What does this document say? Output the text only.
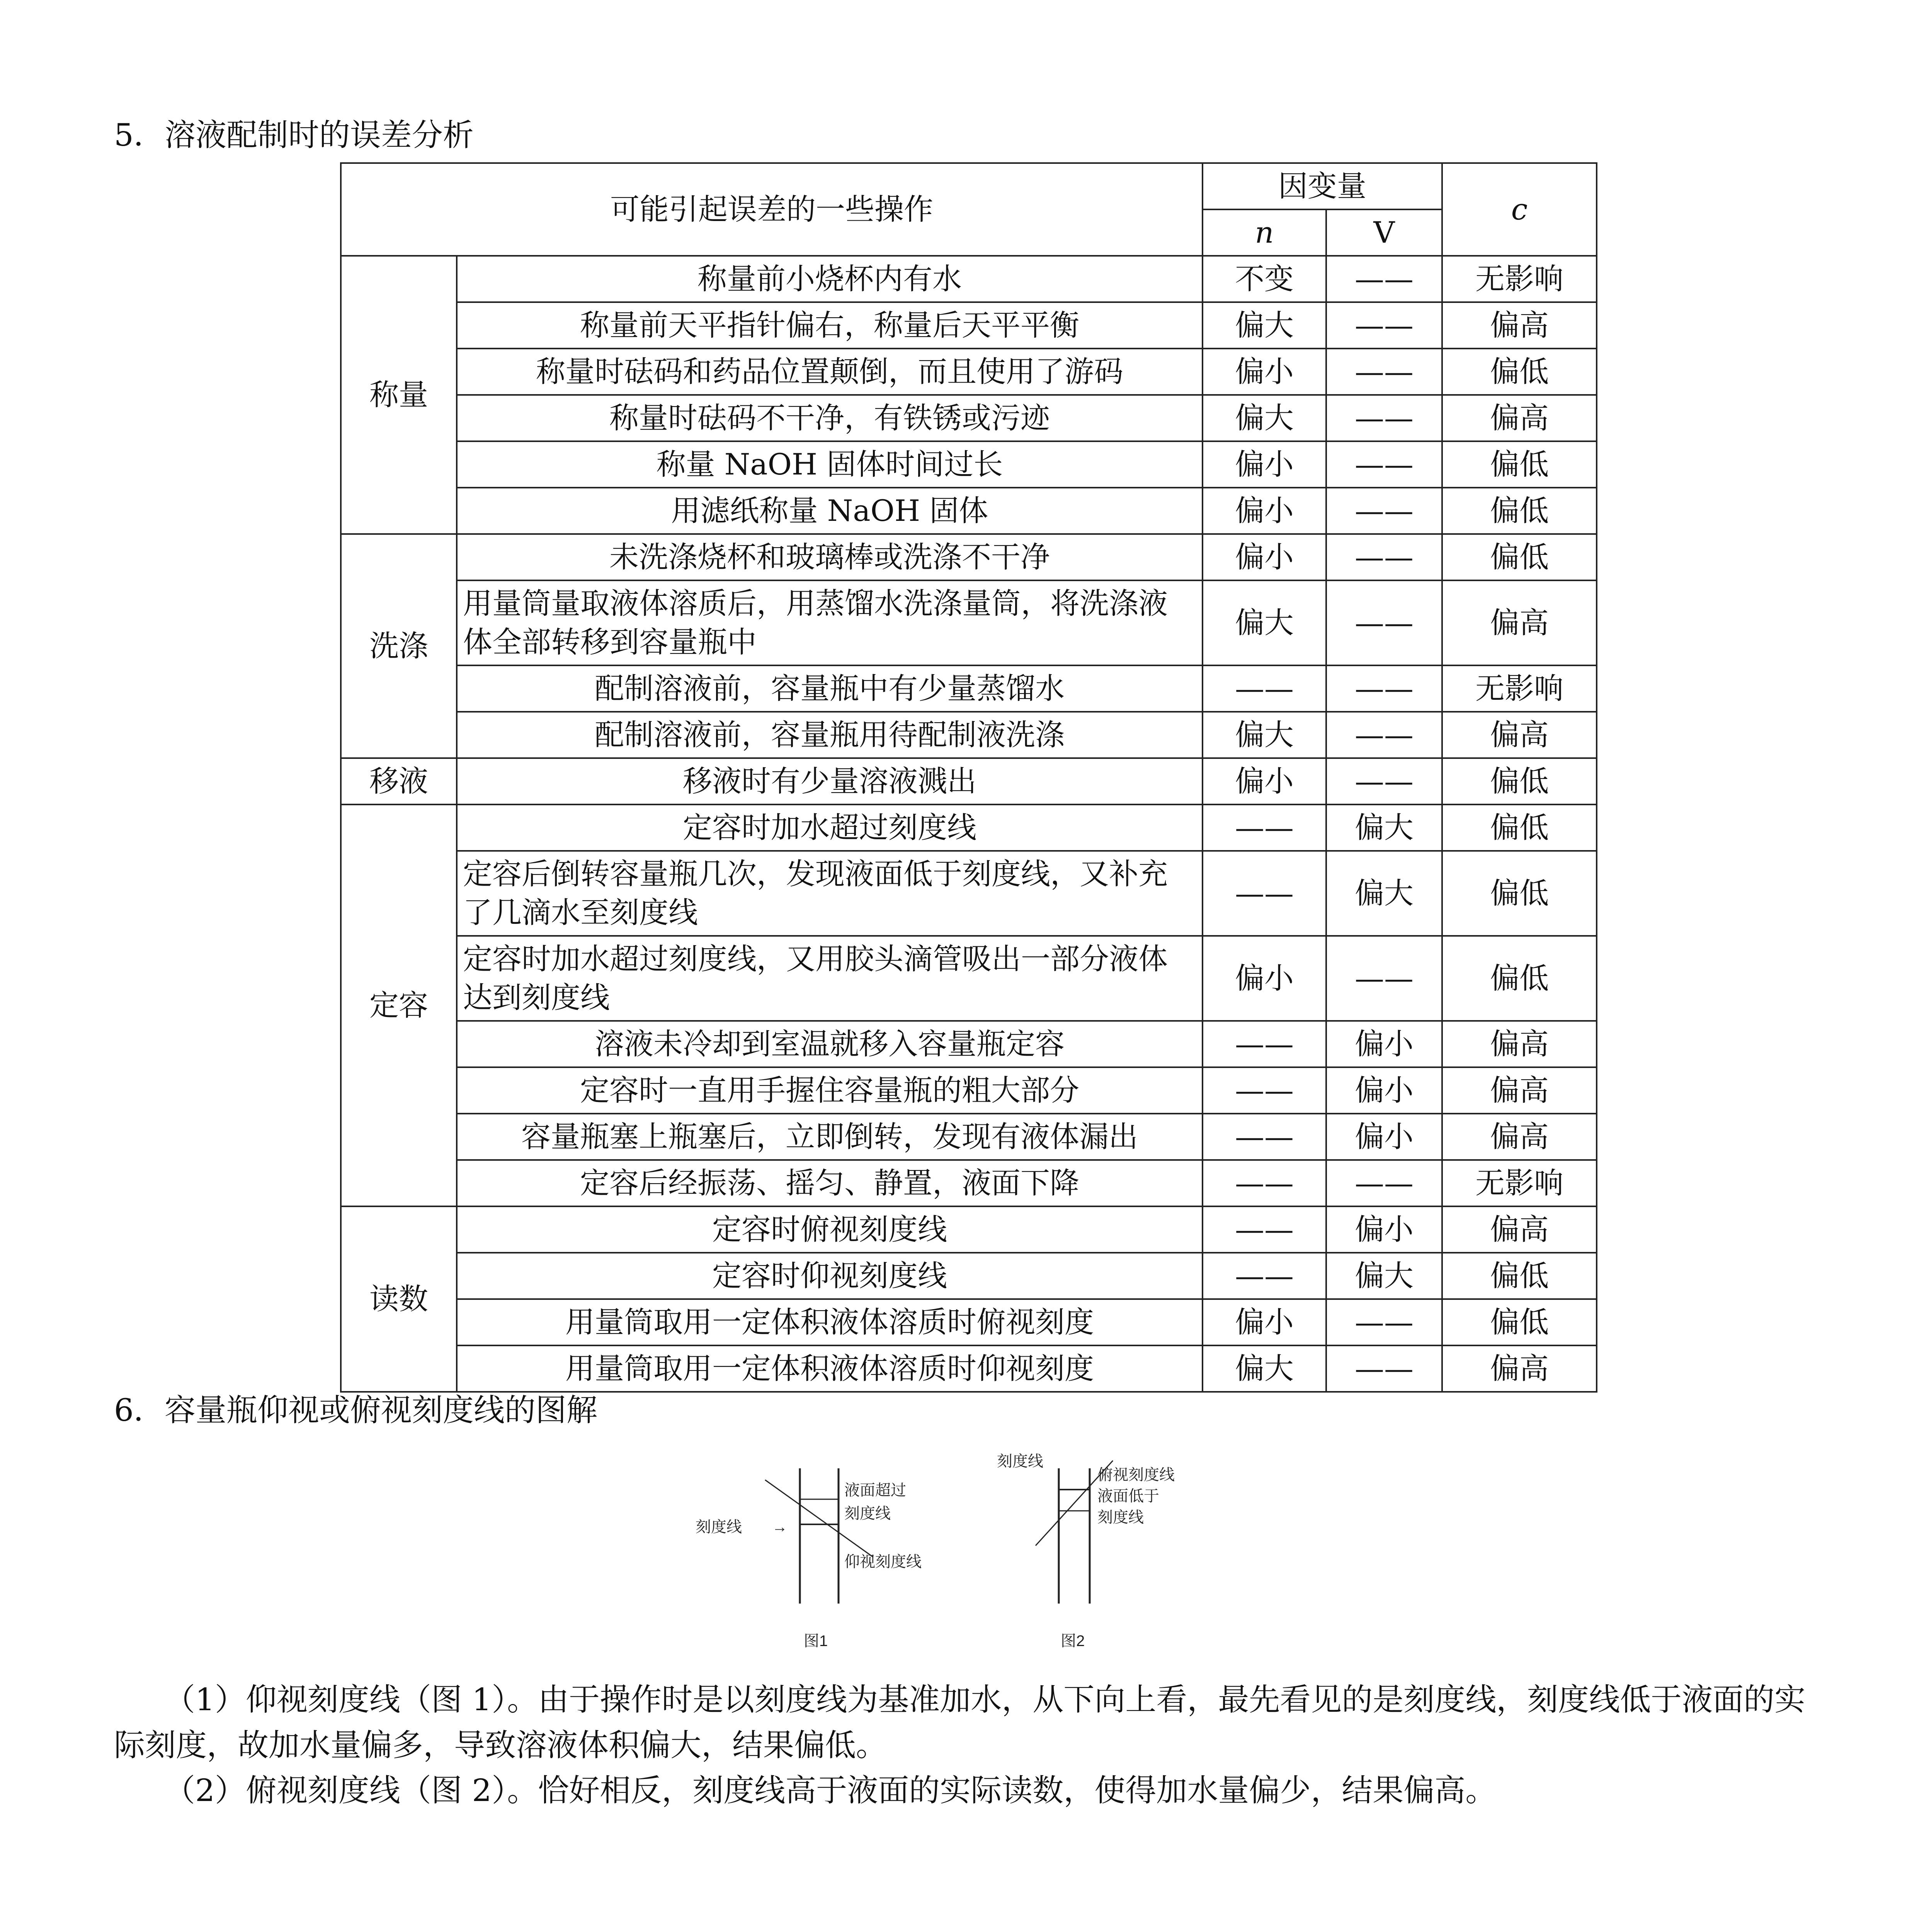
5．溶液配制时的误差分析
可能引起误差的一些操作		因变量		c
		n	V	
称量	称量前小烧杯内有水	不变	——	无影响
	称量前天平指针偏右，称量后天平平衡	偏大	——	偏高
	称量时砝码和药品位置颠倒，而且使用了游码	偏小	——	偏低
	称量时砝码不干净，有铁锈或污迹	偏大	——	偏高
	称量 NaOH 固体时间过长	偏小	——	偏低
	用滤纸称量 NaOH 固体	偏小	——	偏低
洗涤	未洗涤烧杯和玻璃棒或洗涤不干净	偏小	——	偏低
	用量筒量取液体溶质后，用蒸馏水洗涤量筒，将洗涤液体全部转移到容量瓶中	偏大	——	偏高
	配制溶液前，容量瓶中有少量蒸馏水	——	——	无影响
	配制溶液前，容量瓶用待配制液洗涤	偏大	——	偏高
移液	移液时有少量溶液溅出	偏小	——	偏低
定容	定容时加水超过刻度线	——	偏大	偏低
	定容后倒转容量瓶几次，发现液面低于刻度线，又补充了几滴水至刻度线	——	偏大	偏低
	定容时加水超过刻度线，又用胶头滴管吸出一部分液体达到刻度线	偏小	——	偏低
	溶液未冷却到室温就移入容量瓶定容	——	偏小	偏高
	定容时一直用手握住容量瓶的粗大部分	——	偏小	偏高
	容量瓶塞上瓶塞后，立即倒转，发现有液体漏出	——	偏小	偏高
	定容后经振荡、摇匀、静置，液面下降	——	——	无影响
读数	定容时俯视刻度线	——	偏小	偏高
	定容时仰视刻度线	——	偏大	偏低
	用量筒取用一定体积液体溶质时俯视刻度	偏小	——	偏低
	用量筒取用一定体积液体溶质时仰视刻度	偏大	——	偏高
6．容量瓶仰视或俯视刻度线的图解
刻度线 →
液面超过
刻度线
仰视刻度线
图1
刻度线
俯视刻度线
液面低于
刻度线
图2
（1）仰视刻度线（图 1）。由于操作时是以刻度线为基准加水，从下向上看，最先看见的是刻度线，刻度线低于液面的实际刻度，故加水量偏多，导致溶液体积偏大，结果偏低。
（2）俯视刻度线（图 2）。恰好相反，刻度线高于液面的实际读数，使得加水量偏少，结果偏高。
